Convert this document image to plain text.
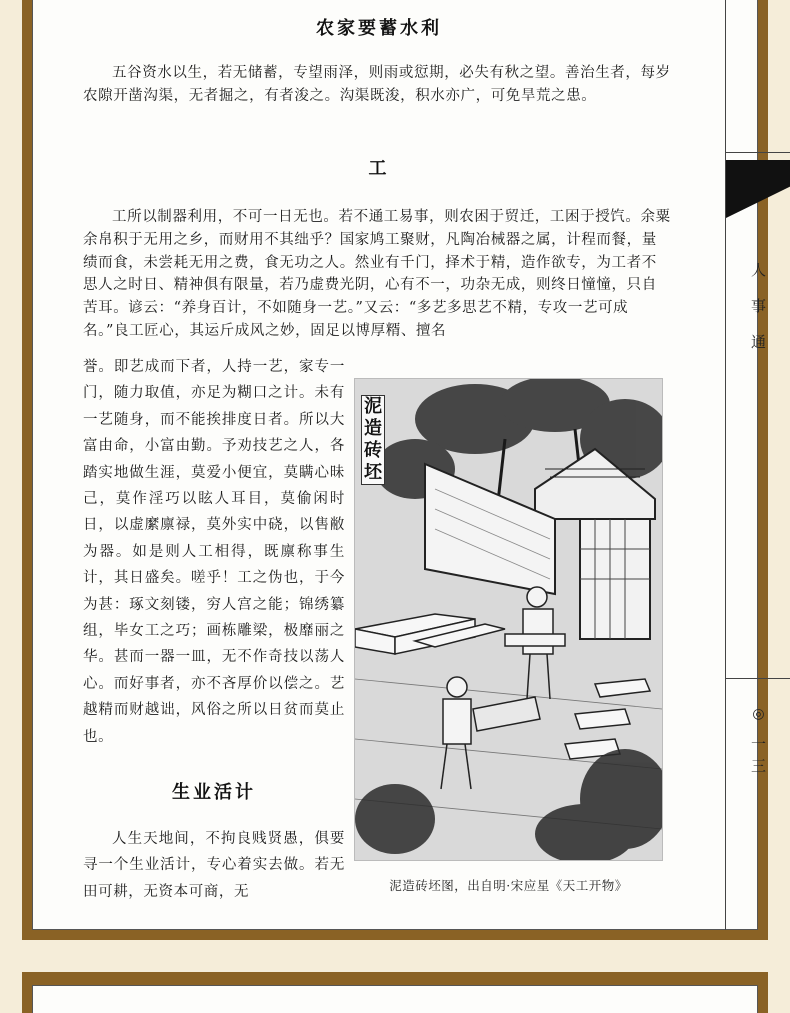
农家要蓄水利

五谷资水以生，若无储蓄，专望雨泽，则雨或愆期，必失有秋之望。善治生者，每岁农隙开凿沟渠，无者掘之，有者浚之。沟渠既浚，积水亦广，可免旱荒之患。

工

工所以制器利用，不可一日无也。若不通工易事，则农困于贸迁，工困于授饩。余粟余帛积于无用之乡，而财用不其绌乎？国家鸠工聚财，凡陶冶械器之属，计程而餐，量绩而食，未尝耗无用之费，食无功之人。然业有千门，择术于精，造作欲专，为工者不思人之时日、精神俱有限量，若乃虚费光阴，心有不一，功杂无成，则终日憧憧，只自苦耳。谚云：“养身百计，不如随身一艺。”又云：“多艺多思艺不精，专攻一艺可成名。”良工匠心，其运斤成风之妙，固足以博厚糈、擅名

誉。即艺成而下者，人持一艺，家专一门，随力取值，亦足为糊口之计。未有一艺随身，而不能挨排度日者。所以大富由命，小富由勤。予劝技艺之人，各踏实地做生涯，莫爱小便宜，莫瞒心昧己，莫作淫巧以眩人耳目，莫偷闲时日，以虚縻廪禄，莫外实中硗，以售敝为器。如是则人工相得，既廪称事生计，其日盛矣。嗟乎！工之伪也，于今为甚：琢文刻镂，穷人宫之能；锦绣纂组，毕女工之巧；画栋雕梁，极靡丽之华。甚而一器一皿，无不作奇技以荡人心。而好事者，亦不吝厚价以偿之。艺越精而财越诎，风俗之所以日贫而莫止也。

生业活计

人生天地间，不拘良贱贤愚，俱要寻一个生业活计，专心着实去做。若无田可耕，无资本可商，无

人
事
通
◎
一
三
泥造砖坯
泥造砖坯图，出自明·宋应星《天工开物》
